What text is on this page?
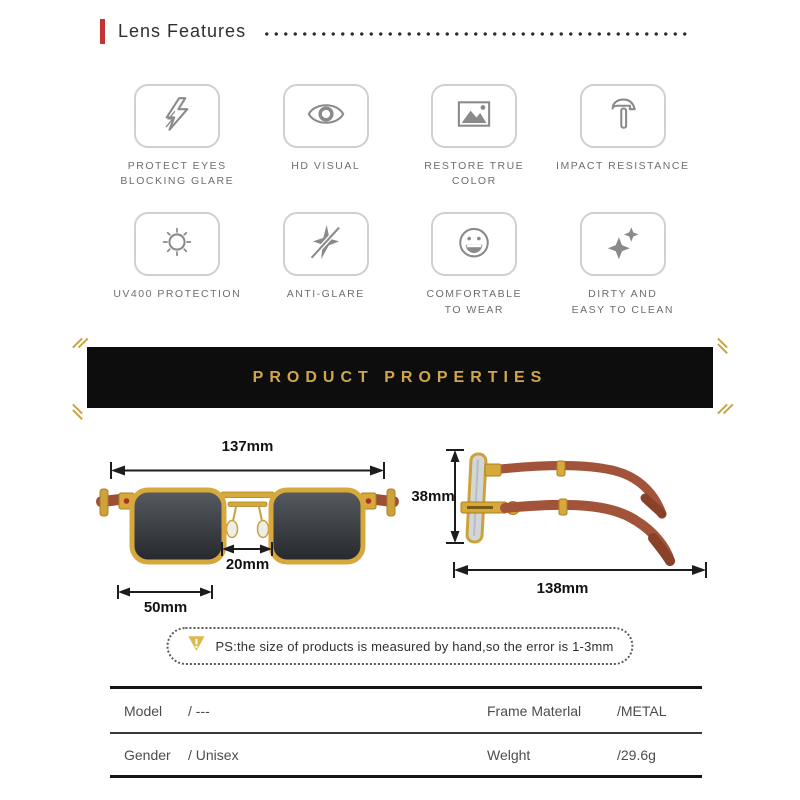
Lens Features
PROTECT EYES
BLOCKING GLARE
HD VISUAL	RESTORE TRUE COLOR
IMPACT RESISTANCE
UV400 PROTECTION	ANTI-GLARE	COMFORTABLE
TO WEAR
DIRTY AND
EASY TO CLEAN
PRODUCT PROPERTIES
137mm
20mm
50mm
38mm
138mm
PS:the size of products is measured by hand,so the error is 1-3mm
Model	/ ---	Frame Materlal	/METAL
Gender	/ Unisex	Welght	/29.6g
